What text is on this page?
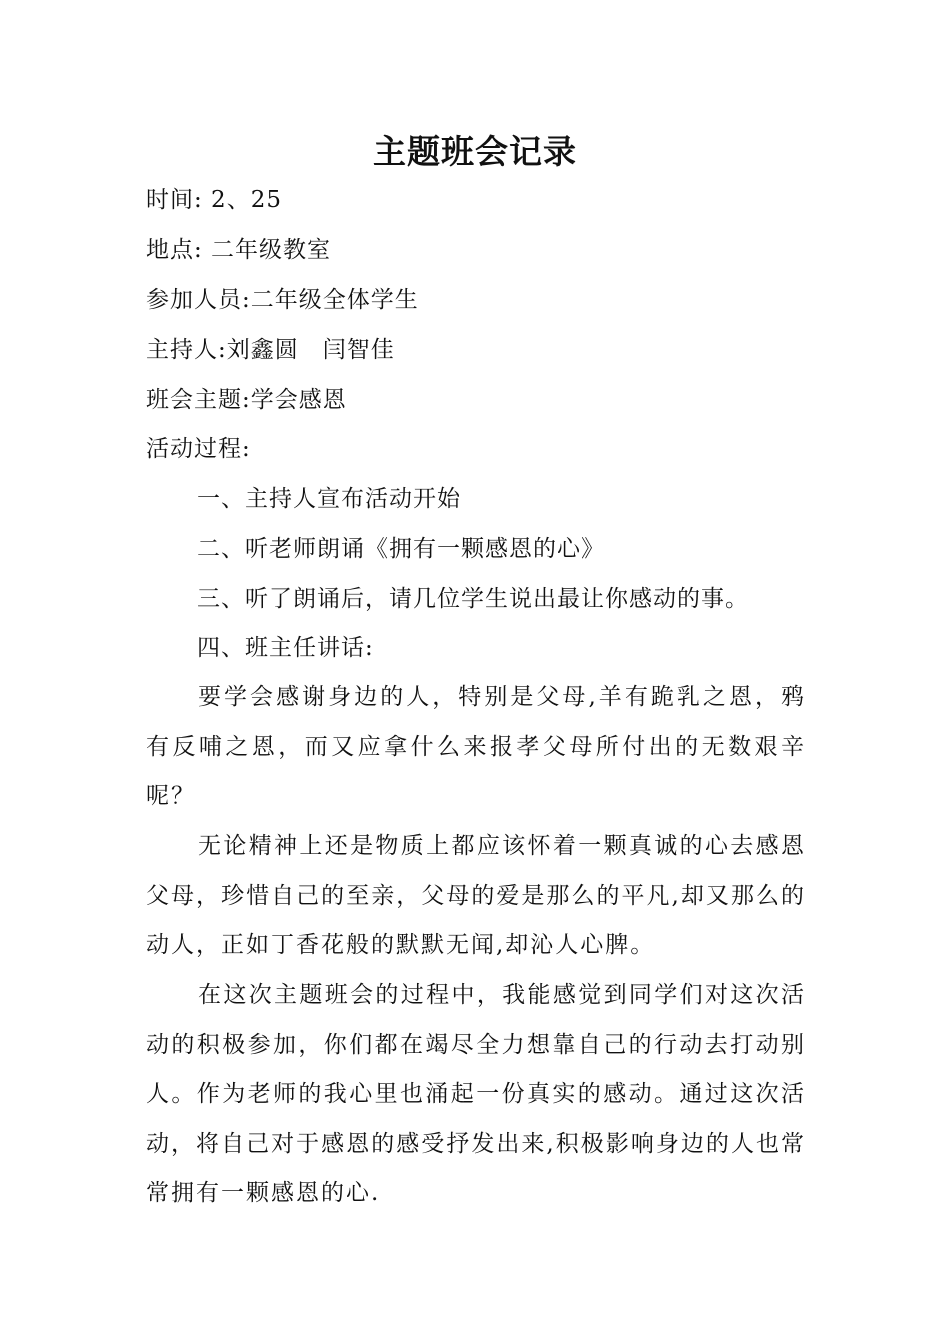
主题班会记录
时间: 2、25
地点: 二年级教室
参加人员:二年级全体学生
主持人:刘鑫圆　闫智佳
班会主题:学会感恩
活动过程:
一、主持人宣布活动开始
二、听老师朗诵《拥有一颗感恩的心》
三、听了朗诵后，请几位学生说出最让你感动的事。
四、班主任讲话:

要学会感谢身边的人，特别是父母,羊有跪乳之恩，鸦有反哺之恩，而又应拿什么来报孝父母所付出的无数艰辛呢？

无论精神上还是物质上都应该怀着一颗真诚的心去感恩父母，珍惜自己的至亲，父母的爱是那么的平凡,却又那么的动人，正如丁香花般的默默无闻,却沁人心脾。

在这次主题班会的过程中，我能感觉到同学们对这次活动的积极参加，你们都在竭尽全力想靠自己的行动去打动别人。作为老师的我心里也涌起一份真实的感动。通过这次活动，将自己对于感恩的感受抒发出来,积极影响身边的人也常常拥有一颗感恩的心.
